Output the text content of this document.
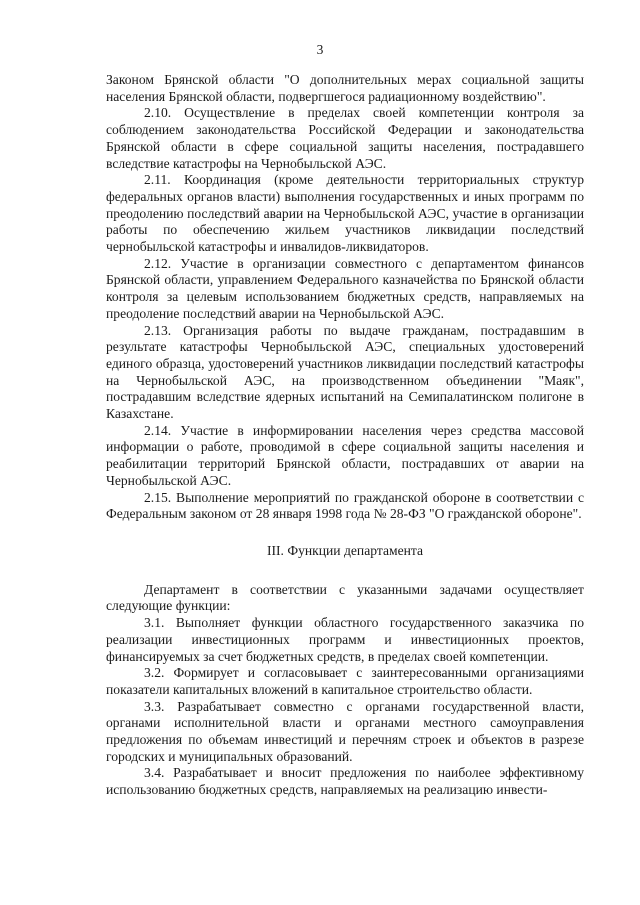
3

Законом Брянской области "О дополнительных мерах социальной защиты населения Брянской области, подвергшегося радиационному воздействию".

2.10. Осуществление в пределах своей компетенции контроля за соблюдением законодательства Российской Федерации и законодательства Брянской области в сфере социальной защиты населения, пострадавшего вследствие катастрофы на Чернобыльской АЭС.

2.11. Координация (кроме деятельности территориальных структур федеральных органов власти) выполнения государственных и иных программ по преодолению последствий аварии на Чернобыльской АЭС, участие в организации работы по обеспечению жильем участников ликвидации последствий чернобыльской катастрофы и инвалидов-ликвидаторов.

2.12. Участие в организации совместного с департаментом финансов Брянской области, управлением Федерального казначейства по Брянской области контроля за целевым использованием бюджетных средств, направляемых на преодоление последствий аварии на Чернобыльской АЭС.

2.13. Организация работы по выдаче гражданам, пострадавшим в результате катастрофы Чернобыльской АЭС, специальных удостоверений единого образца, удостоверений участников ликвидации последствий катастрофы на Чернобыльской АЭС, на производственном объединении "Маяк", пострадавшим вследствие ядерных испытаний на Семипалатинском полигоне в Казахстане.

2.14. Участие в информировании населения через средства массовой информации о работе, проводимой в сфере социальной защиты населения и реабилитации территорий Брянской области, пострадавших от аварии на Чернобыльской АЭС.

2.15. Выполнение мероприятий по гражданской обороне в соответствии с Федеральным законом от 28 января 1998 года № 28-ФЗ "О гражданской обороне".

III. Функции департамента

Департамент в соответствии с указанными задачами осуществляет следующие функции:

3.1. Выполняет функции областного государственного заказчика по реализации инвестиционных программ и инвестиционных проектов, финансируемых за счет бюджетных средств, в пределах своей компетенции.

3.2. Формирует и согласовывает с заинтересованными организациями показатели капитальных вложений в капитальное строительство области.

3.3. Разрабатывает совместно с органами государственной власти, органами исполнительной власти и органами местного самоуправления предложения по объемам инвестиций и перечням строек и объектов в разрезе городских и муниципальных образований.

3.4. Разрабатывает и вносит предложения по наиболее эффективному использованию бюджетных средств, направляемых на реализацию инвести-
